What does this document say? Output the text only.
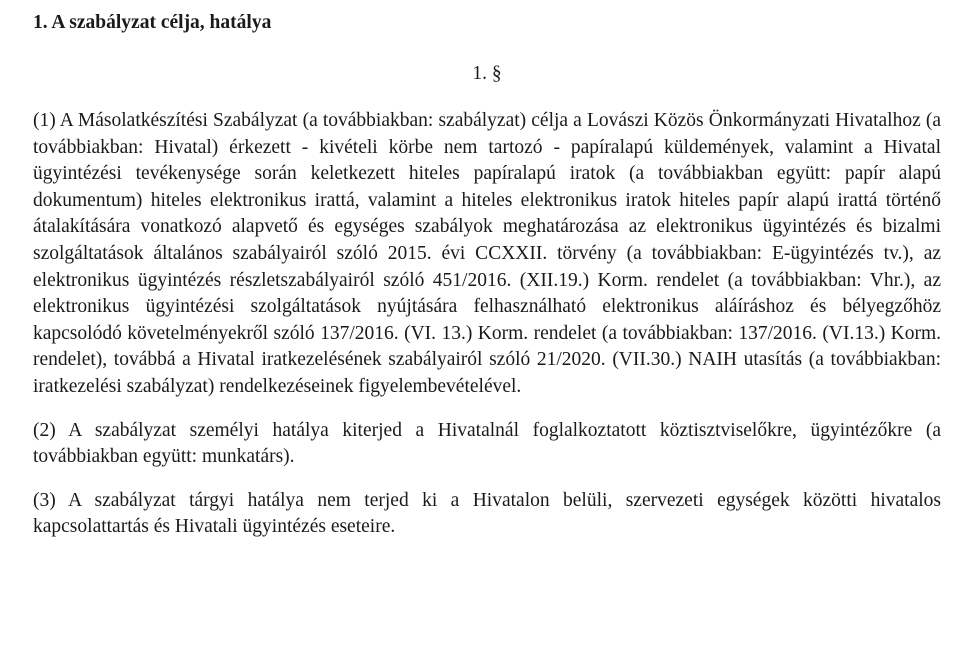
1. A szabályzat célja, hatálya
1. §

(1) A Másolatkészítési Szabályzat (a továbbiakban: szabályzat) célja a Lovászi Közös Önkormányzati Hivatalhoz (a továbbiakban: Hivatal) érkezett - kivételi körbe nem tartozó - papíralapú küldemények, valamint a Hivatal ügyintézési tevékenysége során keletkezett hiteles papíralapú iratok (a továbbiakban együtt: papír alapú dokumentum) hiteles elektronikus irattá, valamint a hiteles elektronikus iratok hiteles papír alapú irattá történő átalakítására vonatkozó alapvető és egységes szabályok meghatározása az elektronikus ügyintézés és bizalmi szolgáltatások általános szabályairól szóló 2015. évi CCXXII. törvény (a továbbiakban: E-ügyintézés tv.), az elektronikus ügyintézés részletszabályairól szóló 451/2016. (XII.19.) Korm. rendelet (a továbbiakban: Vhr.), az elektronikus ügyintézési szolgáltatások nyújtására felhasználható elektronikus aláíráshoz és bélyegzőhöz kapcsolódó követelményekről szóló 137/2016. (VI. 13.) Korm. rendelet (a továbbiakban: 137/2016. (VI.13.) Korm. rendelet), továbbá a Hivatal iratkezelésének szabályairól szóló 21/2020. (VII.30.) NAIH utasítás (a továbbiakban: iratkezelési szabályzat) rendelkezéseinek figyelembevételével.

(2) A szabályzat személyi hatálya kiterjed a Hivatalnál foglalkoztatott köztisztviselőkre, ügyintézőkre (a továbbiakban együtt: munkatárs).

(3) A szabályzat tárgyi hatálya nem terjed ki a Hivatalon belüli, szervezeti egységek közötti hivatalos kapcsolattartás és Hivatali ügyintézés eseteire.
